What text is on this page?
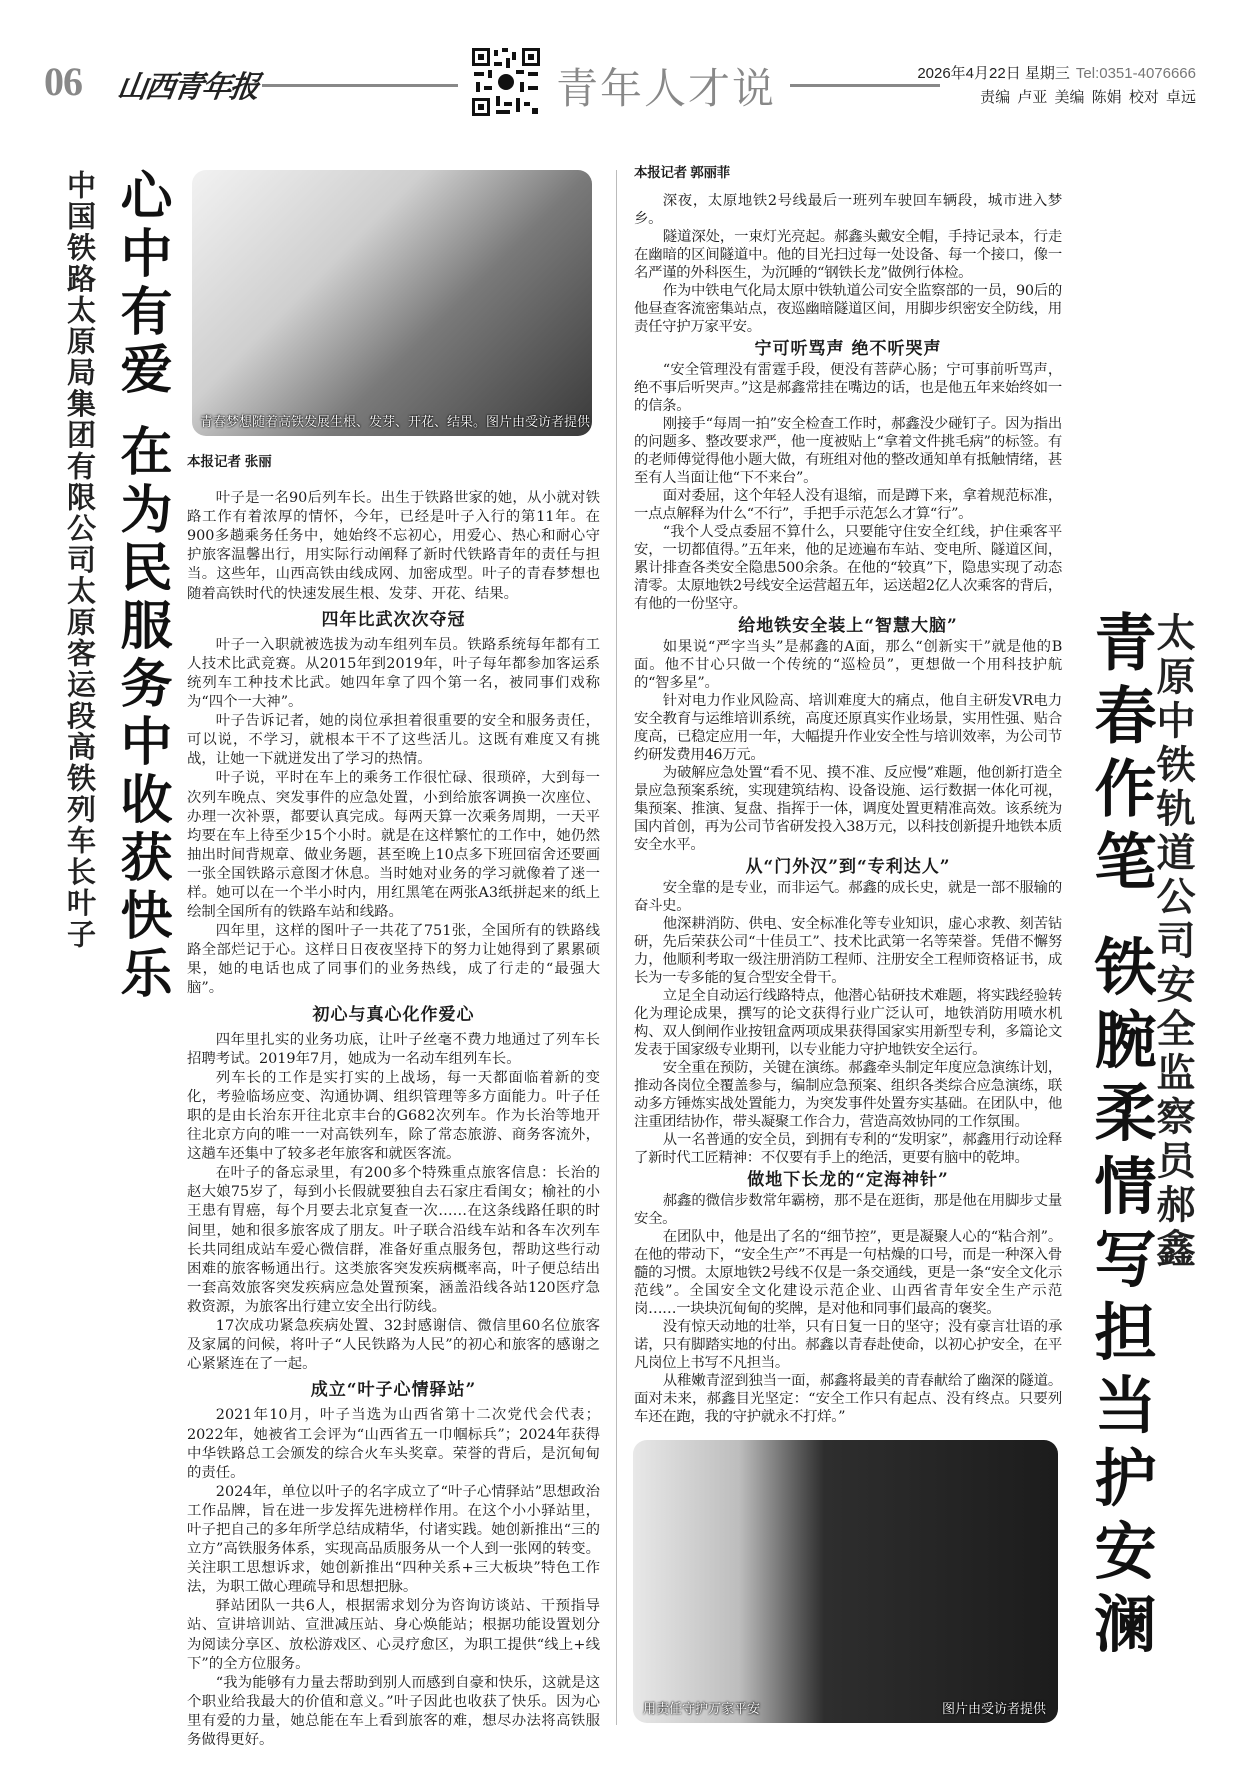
06 山西青年报	青年人才说	2026年4月22日 星期三 Tel:0351-4076666
责编 卢亚 美编 陈娟 校对 卓远
心中有爱 在为民服务中收获快乐
中国铁路太原局集团有限公司太原客运段高铁列车长叶子	青春梦想随着高铁发展生根、发芽、开花、结果。图片由受访者提供
本报记者 张丽

叶子是一名90后列车长。出生于铁路世家的她，从小就对铁路工作有着浓厚的情怀，今年，已经是叶子入行的第11年。在900多趟乘务任务中，她始终不忘初心，用爱心、热心和耐心守护旅客温馨出行，用实际行动阐释了新时代铁路青年的责任与担当。这些年，山西高铁由线成网、加密成型。叶子的青春梦想也随着高铁时代的快速发展生根、发芽、开花、结果。

四年比武次次夺冠

叶子一入职就被选拔为动车组列车员。铁路系统每年都有工人技术比武竞赛。从2015年到2019年，叶子每年都参加客运系统列车工种技术比武。她四年拿了四个第一名，被同事们戏称为“四个一大神”。

叶子告诉记者，她的岗位承担着很重要的安全和服务责任，可以说，不学习，就根本干不了这些活儿。这既有难度又有挑战，让她一下就迸发出了学习的热情。

叶子说，平时在车上的乘务工作很忙碌、很琐碎，大到每一次列车晚点、突发事件的应急处置，小到给旅客调换一次座位、办理一次补票，都要认真完成。每两天算一次乘务周期，一天平均要在车上待至少15个小时。就是在这样繁忙的工作中，她仍然抽出时间背规章、做业务题，甚至晚上10点多下班回宿舍还要画一张全国铁路示意图才休息。当时她对业务的学习就像着了迷一样。她可以在一个半小时内，用红黑笔在两张A3纸拼起来的纸上绘制全国所有的铁路车站和线路。

四年里，这样的图叶子一共花了751张，全国所有的铁路线路全部烂记于心。这样日日夜夜坚持下的努力让她得到了累累硕果，她的电话也成了同事们的业务热线，成了行走的“最强大脑”。

初心与真心化作爱心

四年里扎实的业务功底，让叶子丝毫不费力地通过了列车长招聘考试。2019年7月，她成为一名动车组列车长。

列车长的工作是实打实的上战场，每一天都面临着新的变化，考验临场应变、沟通协调、组织管理等多方面能力。叶子任职的是由长治东开往北京丰台的G682次列车。作为长治等地开往北京方向的唯一一对高铁列车，除了常态旅游、商务客流外，这趟车还集中了较多老年旅客和就医客流。

在叶子的备忘录里，有200多个特殊重点旅客信息：长治的赵大娘75岁了，每到小长假就要独自去石家庄看闺女；榆社的小王患有胃癌，每个月要去北京复查一次……在这条线路任职的时间里，她和很多旅客成了朋友。叶子联合沿线车站和各车次列车长共同组成站车爱心微信群，准备好重点服务包，帮助这些行动困难的旅客畅通出行。这类旅客突发疾病概率高，叶子便总结出一套高效旅客突发疾病应急处置预案，涵盖沿线各站120医疗急救资源，为旅客出行建立安全出行防线。

17次成功紧急疾病处置、32封感谢信、微信里60名位旅客及家属的问候，将叶子“人民铁路为人民”的初心和旅客的感谢之心紧紧连在了一起。

成立“叶子心情驿站”

2021年10月，叶子当选为山西省第十二次党代会代表；2022年，她被省工会评为“山西省五一巾帼标兵”；2024年获得中华铁路总工会颁发的综合火车头奖章。荣誉的背后，是沉甸甸的责任。

2024年，单位以叶子的名字成立了“叶子心情驿站”思想政治工作品牌，旨在进一步发挥先进榜样作用。在这个小小驿站里，叶子把自己的多年所学总结成精华，付诸实践。她创新推出“三的立方”高铁服务体系，实现高品质服务从一个人到一张网的转变。关注职工思想诉求，她创新推出“四种关系+三大板块”特色工作法，为职工做心理疏导和思想把脉。

驿站团队一共6人，根据需求划分为咨询访谈站、干预指导站、宣讲培训站、宣泄减压站、身心焕能站；根据功能设置划分为阅读分享区、放松游戏区、心灵疗愈区，为职工提供“线上+线下”的全方位服务。

“我为能够有力量去帮助到别人而感到自豪和快乐，这就是这个职业给我最大的价值和意义。”叶子因此也收获了快乐。因为心里有爱的力量，她总能在车上看到旅客的难，想尽办法将高铁服务做得更好。

本报记者 郭丽菲

深夜，太原地铁2号线最后一班列车驶回车辆段，城市进入梦乡。

隧道深处，一束灯光亮起。郝鑫头戴安全帽，手持记录本，行走在幽暗的区间隧道中。他的目光扫过每一处设备、每一个接口，像一名严谨的外科医生，为沉睡的“钢铁长龙”做例行体检。

作为中铁电气化局太原中铁轨道公司安全监察部的一员，90后的他昼查客流密集站点，夜巡幽暗隧道区间，用脚步织密安全防线，用责任守护万家平安。

宁可听骂声 绝不听哭声

“安全管理没有雷霆手段，便没有菩萨心肠；宁可事前听骂声，绝不事后听哭声。”这是郝鑫常挂在嘴边的话，也是他五年来始终如一的信条。

刚接手“每周一拍”安全检查工作时，郝鑫没少碰钉子。因为指出的问题多、整改要求严，他一度被贴上“拿着文件挑毛病”的标签。有的老师傅觉得他小题大做，有班组对他的整改通知单有抵触情绪，甚至有人当面让他“下不来台”。

面对委屈，这个年轻人没有退缩，而是蹲下来，拿着规范标准，一点点解释为什么“不行”，手把手示范怎么才算“行”。

“我个人受点委屈不算什么，只要能守住安全红线，护住乘客平安，一切都值得。”五年来，他的足迹遍布车站、变电所、隧道区间，累计排查各类安全隐患500余条。在他的“较真”下，隐患实现了动态清零。太原地铁2号线安全运营超五年，运送超2亿人次乘客的背后，有他的一份坚守。

给地铁安全装上“智慧大脑”

如果说“严字当头”是郝鑫的A面，那么“创新实干”就是他的B面。他不甘心只做一个传统的“巡检员”，更想做一个用科技护航的“智多星”。

针对电力作业风险高、培训难度大的痛点，他自主研发VR电力安全教育与运维培训系统，高度还原真实作业场景，实用性强、贴合度高，已稳定应用一年，大幅提升作业安全性与培训效率，为公司节约研发费用46万元。

为破解应急处置“看不见、摸不准、反应慢”难题，他创新打造全景应急预案系统，实现建筑结构、设备设施、运行数据一体化可视，集预案、推演、复盘、指挥于一体，调度处置更精准高效。该系统为国内首创，再为公司节省研发投入38万元，以科技创新提升地铁本质安全水平。

从“门外汉”到“专利达人”

安全靠的是专业，而非运气。郝鑫的成长史，就是一部不服输的奋斗史。

他深耕消防、供电、安全标准化等专业知识，虚心求教、刻苦钻研，先后荣获公司“十佳员工”、技术比武第一名等荣誉。凭借不懈努力，他顺利考取一级注册消防工程师、注册安全工程师资格证书，成长为一专多能的复合型安全骨干。

立足全自动运行线路特点，他潜心钻研技术难题，将实践经验转化为理论成果，撰写的论文获得行业广泛认可，地铁消防用喷水机构、双人倒闸作业按钮盒两项成果获得国家实用新型专利，多篇论文发表于国家级专业期刊，以专业能力守护地铁安全运行。

安全重在预防，关键在演练。郝鑫牵头制定年度应急演练计划，推动各岗位全覆盖参与，编制应急预案、组织各类综合应急演练，联动多方锤炼实战处置能力，为突发事件处置夯实基础。在团队中，他注重团结协作，带头凝聚工作合力，营造高效协同的工作氛围。

从一名普通的安全员，到拥有专利的“发明家”，郝鑫用行动诠释了新时代工匠精神：不仅要有手上的绝活，更要有脑中的乾坤。

做地下长龙的“定海神针”

郝鑫的微信步数常年霸榜，那不是在逛街，那是他在用脚步丈量安全。

在团队中，他是出了名的“细节控”，更是凝聚人心的“粘合剂”。在他的带动下，“安全生产”不再是一句枯燥的口号，而是一种深入骨髓的习惯。太原地铁2号线不仅是一条交通线，更是一条“安全文化示范线”。全国安全文化建设示范企业、山西省青年安全生产示范岗……一块块沉甸甸的奖牌，是对他和同事们最高的褒奖。

没有惊天动地的壮举，只有日复一日的坚守；没有豪言壮语的承诺，只有脚踏实地的付出。郝鑫以青春赴使命，以初心护安全，在平凡岗位上书写不凡担当。

从稚嫩青涩到独当一面，郝鑫将最美的青春献给了幽深的隧道。面对未来，郝鑫目光坚定：“安全工作只有起点、没有终点。只要列车还在跑，我的守护就永不打烊。”

用责任守护万家平安	图片由受访者提供
青春作笔 铁腕柔情写担当护安澜
太原中铁轨道公司安全监察员郝鑫
